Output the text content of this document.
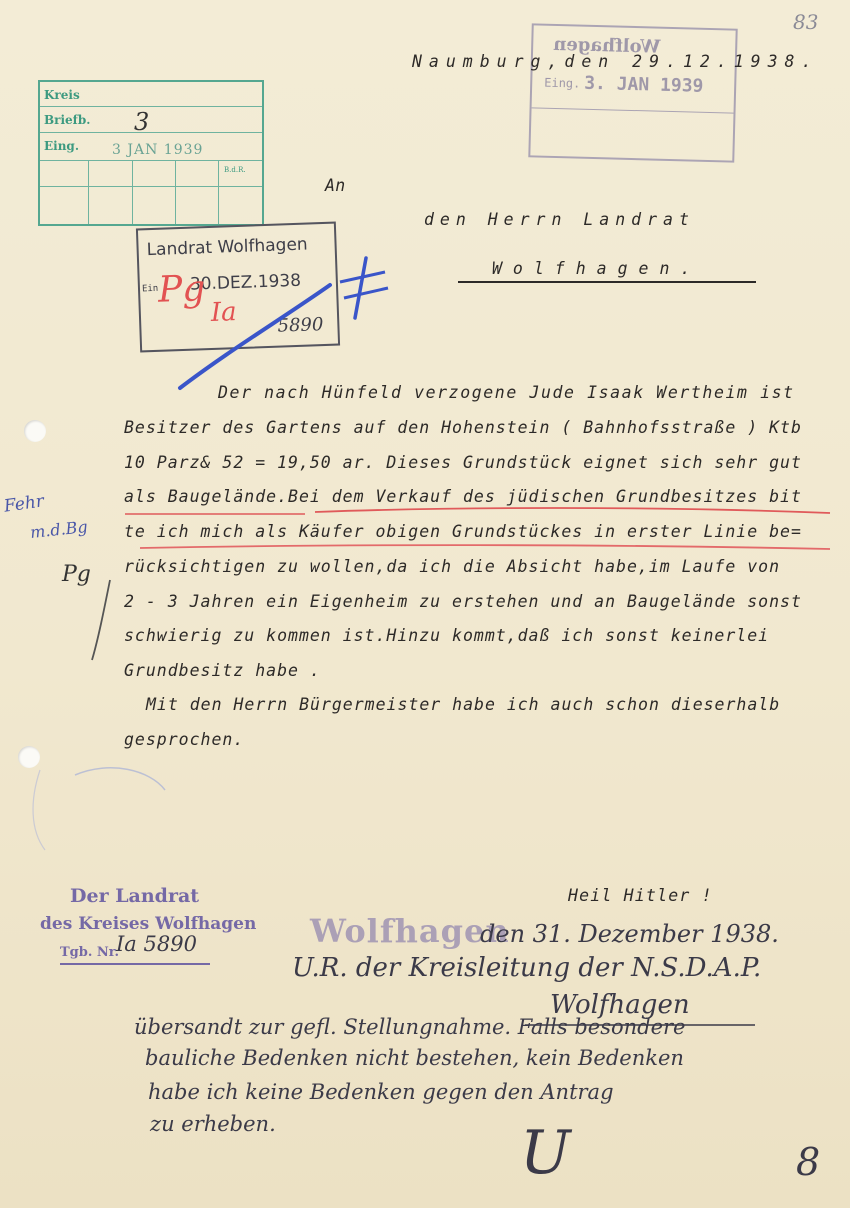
83

Kreis
Briefb.
Eing. 3 JAN 1939
B.d.R.
3
Wolfhagen
Eing. 3. JAN 1939
Naumburg,den 29.12.1938.
An
den Herrn Landrat
Wolfhagen.
Landrat Wolfhagen
Ein 30.DEZ.1938
5890
Pg
Ia
Der nach Hünfeld verzogene Jude Isaak Wertheim ist
Besitzer des Gartens auf den Hohenstein ( Bahnhofsstraße ) Ktb
10 Parz& 52 = 19,50 ar. Dieses Grundstück eignet sich sehr gut
als Baugelände.Bei dem Verkauf des jüdischen Grundbesitzes bit
te ich mich als Käufer obigen Grundstückes in erster Linie be=
rücksichtigen zu wollen,da ich die Absicht habe,im Laufe von
2 - 3 Jahren ein Eigenheim zu erstehen und an Baugelände sonst
schwierig zu kommen ist.Hinzu kommt,daß ich sonst keinerlei
Grundbesitz habe .
Mit den Herrn Bürgermeister habe ich auch schon dieserhalb
gesprochen.
Fehr
m.d.Bg
Pg
Heil Hitler !
Der Landrat
des Kreises Wolfhagen
Tgb. Nr.
Ia 5890	Wolfhagen
den 31. Dezember 1938.
U.R. der Kreisleitung der N.S.D.A.P.
Wolfhagen
übersandt zur gefl. Stellungnahme. Falls besondere
bauliche Bedenken nicht bestehen, kein Bedenken
habe ich keine Bedenken gegen den Antrag
zu erheben.	U	8
